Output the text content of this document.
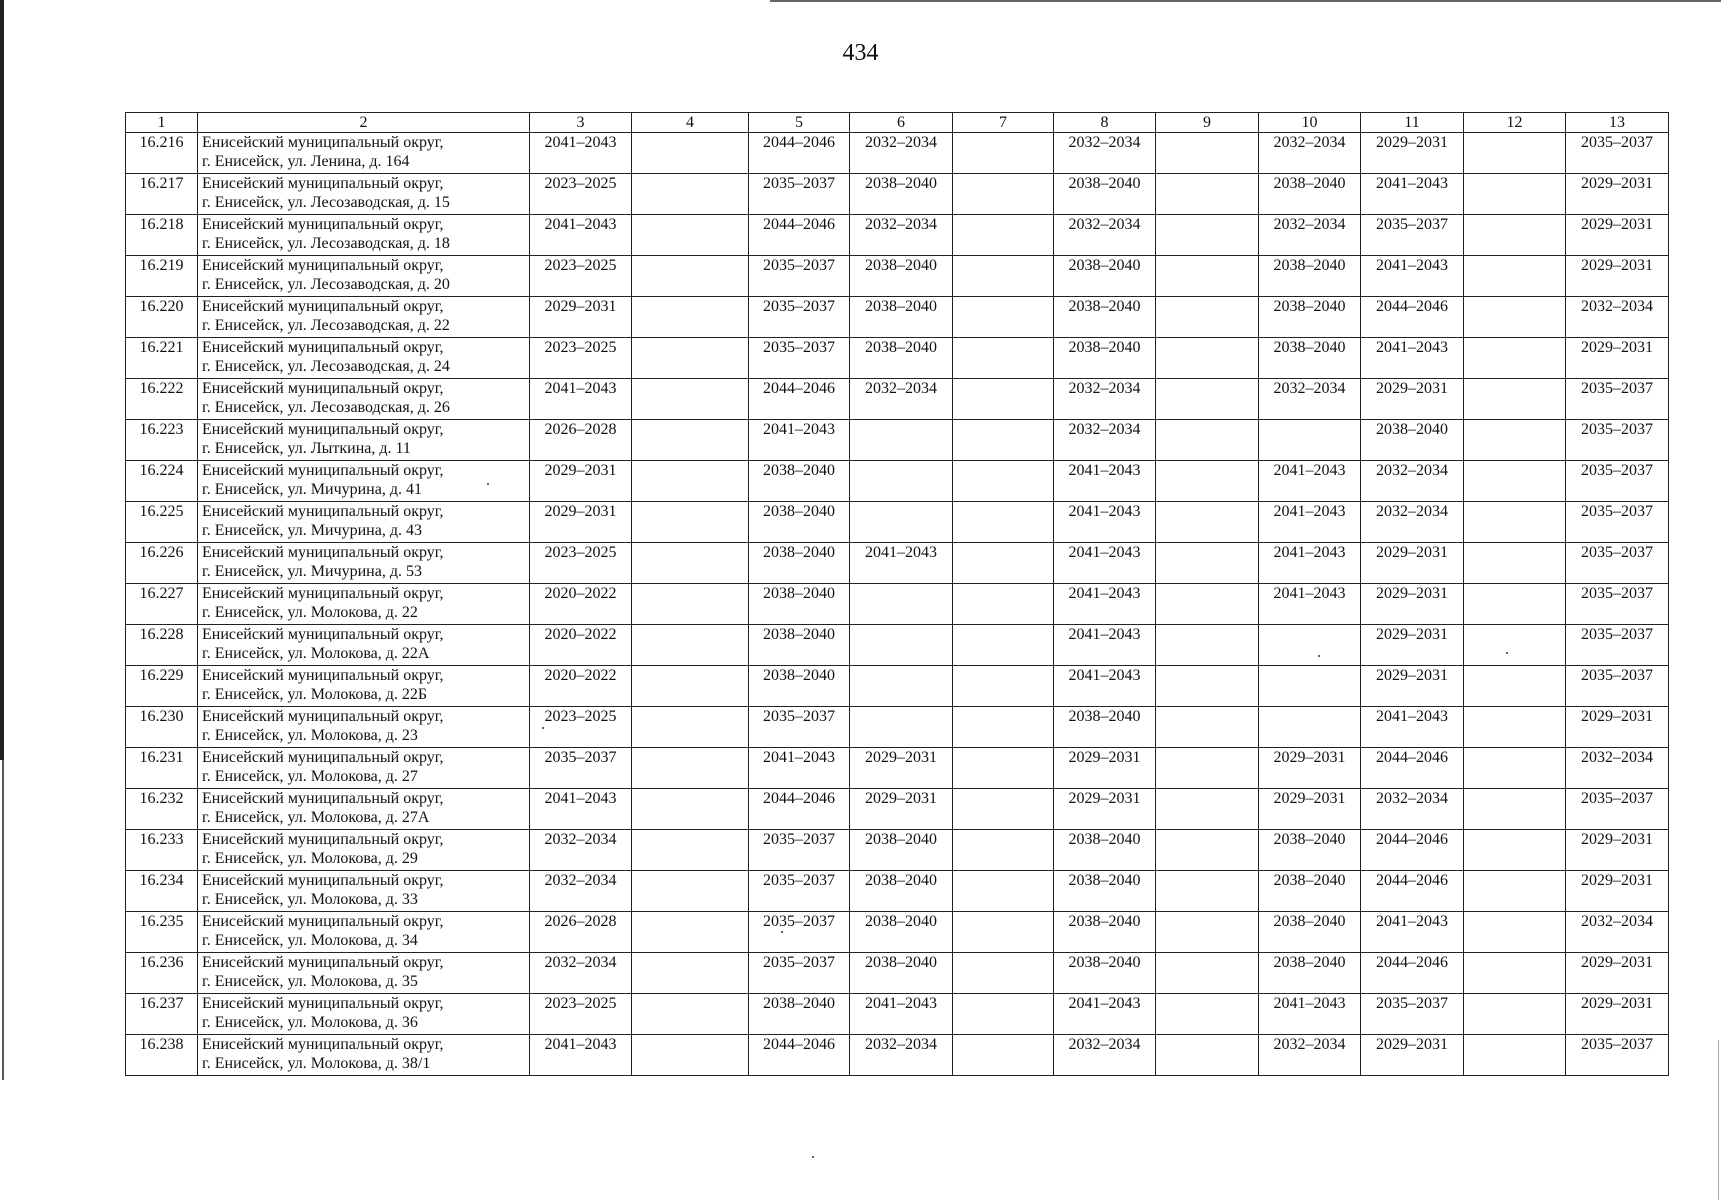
434
1	2	3	4	5	6	7	8	9	10	11	12	13
16.216	Енисейский муниципальный округ,
г. Енисейск, ул. Ленина, д. 164	2041–2043		2044–2046	2032–2034		2032–2034		2032–2034	2029–2031		2035–2037
16.217	Енисейский муниципальный округ,
г. Енисейск, ул. Лесозаводская, д. 15	2023–2025		2035–2037	2038–2040		2038–2040		2038–2040	2041–2043		2029–2031
16.218	Енисейский муниципальный округ,
г. Енисейск, ул. Лесозаводская, д. 18	2041–2043		2044–2046	2032–2034		2032–2034		2032–2034	2035–2037		2029–2031
16.219	Енисейский муниципальный округ,
г. Енисейск, ул. Лесозаводская, д. 20	2023–2025		2035–2037	2038–2040		2038–2040		2038–2040	2041–2043		2029–2031
16.220	Енисейский муниципальный округ,
г. Енисейск, ул. Лесозаводская, д. 22	2029–2031		2035–2037	2038–2040		2038–2040		2038–2040	2044–2046		2032–2034
16.221	Енисейский муниципальный округ,
г. Енисейск, ул. Лесозаводская, д. 24	2023–2025		2035–2037	2038–2040		2038–2040		2038–2040	2041–2043		2029–2031
16.222	Енисейский муниципальный округ,
г. Енисейск, ул. Лесозаводская, д. 26	2041–2043		2044–2046	2032–2034		2032–2034		2032–2034	2029–2031		2035–2037
16.223	Енисейский муниципальный округ,
г. Енисейск, ул. Лыткина, д. 11	2026–2028		2041–2043			2032–2034			2038–2040		2035–2037
16.224	Енисейский муниципальный округ,
г. Енисейск, ул. Мичурина, д. 41	2029–2031		2038–2040			2041–2043		2041–2043	2032–2034		2035–2037
16.225	Енисейский муниципальный округ,
г. Енисейск, ул. Мичурина, д. 43	2029–2031		2038–2040			2041–2043		2041–2043	2032–2034		2035–2037
16.226	Енисейский муниципальный округ,
г. Енисейск, ул. Мичурина, д. 53	2023–2025		2038–2040	2041–2043		2041–2043		2041–2043	2029–2031		2035–2037
16.227	Енисейский муниципальный округ,
г. Енисейск, ул. Молокова, д. 22	2020–2022		2038–2040			2041–2043		2041–2043	2029–2031		2035–2037
16.228	Енисейский муниципальный округ,
г. Енисейск, ул. Молокова, д. 22А	2020–2022		2038–2040			2041–2043			2029–2031		2035–2037
16.229	Енисейский муниципальный округ,
г. Енисейск, ул. Молокова, д. 22Б	2020–2022		2038–2040			2041–2043			2029–2031		2035–2037
16.230	Енисейский муниципальный округ,
г. Енисейск, ул. Молокова, д. 23	2023–2025		2035–2037			2038–2040			2041–2043		2029–2031
16.231	Енисейский муниципальный округ,
г. Енисейск, ул. Молокова, д. 27	2035–2037		2041–2043	2029–2031		2029–2031		2029–2031	2044–2046		2032–2034
16.232	Енисейский муниципальный округ,
г. Енисейск, ул. Молокова, д. 27А	2041–2043		2044–2046	2029–2031		2029–2031		2029–2031	2032–2034		2035–2037
16.233	Енисейский муниципальный округ,
г. Енисейск, ул. Молокова, д. 29	2032–2034		2035–2037	2038–2040		2038–2040		2038–2040	2044–2046		2029–2031
16.234	Енисейский муниципальный округ,
г. Енисейск, ул. Молокова, д. 33	2032–2034		2035–2037	2038–2040		2038–2040		2038–2040	2044–2046		2029–2031
16.235	Енисейский муниципальный округ,
г. Енисейск, ул. Молокова, д. 34	2026–2028		2035–2037	2038–2040		2038–2040		2038–2040	2041–2043		2032–2034
16.236	Енисейский муниципальный округ,
г. Енисейск, ул. Молокова, д. 35	2032–2034		2035–2037	2038–2040		2038–2040		2038–2040	2044–2046		2029–2031
16.237	Енисейский муниципальный округ,
г. Енисейск, ул. Молокова, д. 36	2023–2025		2038–2040	2041–2043		2041–2043		2041–2043	2035–2037		2029–2031
16.238	Енисейский муниципальный округ,
г. Енисейск, ул. Молокова, д. 38/1	2041–2043		2044–2046	2032–2034		2032–2034		2032–2034	2029–2031		2035–2037
